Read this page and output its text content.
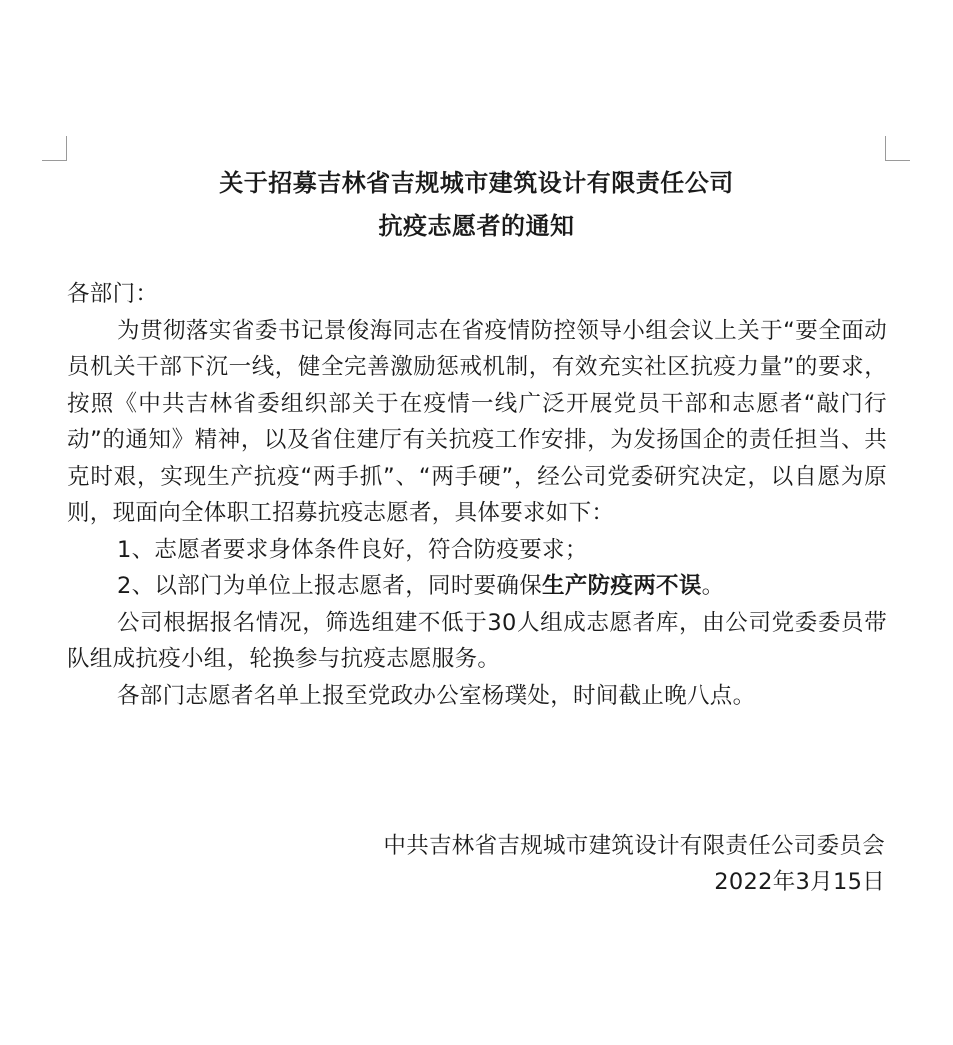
关于招募吉林省吉规城市建筑设计有限责任公司
抗疫志愿者的通知

各部门：

为贯彻落实省委书记景俊海同志在省疫情防控领导小组会议上关于“要全面动员机关干部下沉一线，健全完善激励惩戒机制，有效充实社区抗疫力量”的要求，按照《中共吉林省委组织部关于在疫情一线广泛开展党员干部和志愿者“敲门行动”的通知》精神，以及省住建厅有关抗疫工作安排，为发扬国企的责任担当、共克时艰，实现生产抗疫“两手抓”、“两手硬”，经公司党委研究决定，以自愿为原则，现面向全体职工招募抗疫志愿者，具体要求如下：

1、志愿者要求身体条件良好，符合防疫要求；

2、以部门为单位上报志愿者，同时要确保生产防疫两不误。

公司根据报名情况，筛选组建不低于30人组成志愿者库，由公司党委委员带队组成抗疫小组，轮换参与抗疫志愿服务。

各部门志愿者名单上报至党政办公室杨璞处，时间截止晚八点。

中共吉林省吉规城市建筑设计有限责任公司委员会
2022年3月15日
